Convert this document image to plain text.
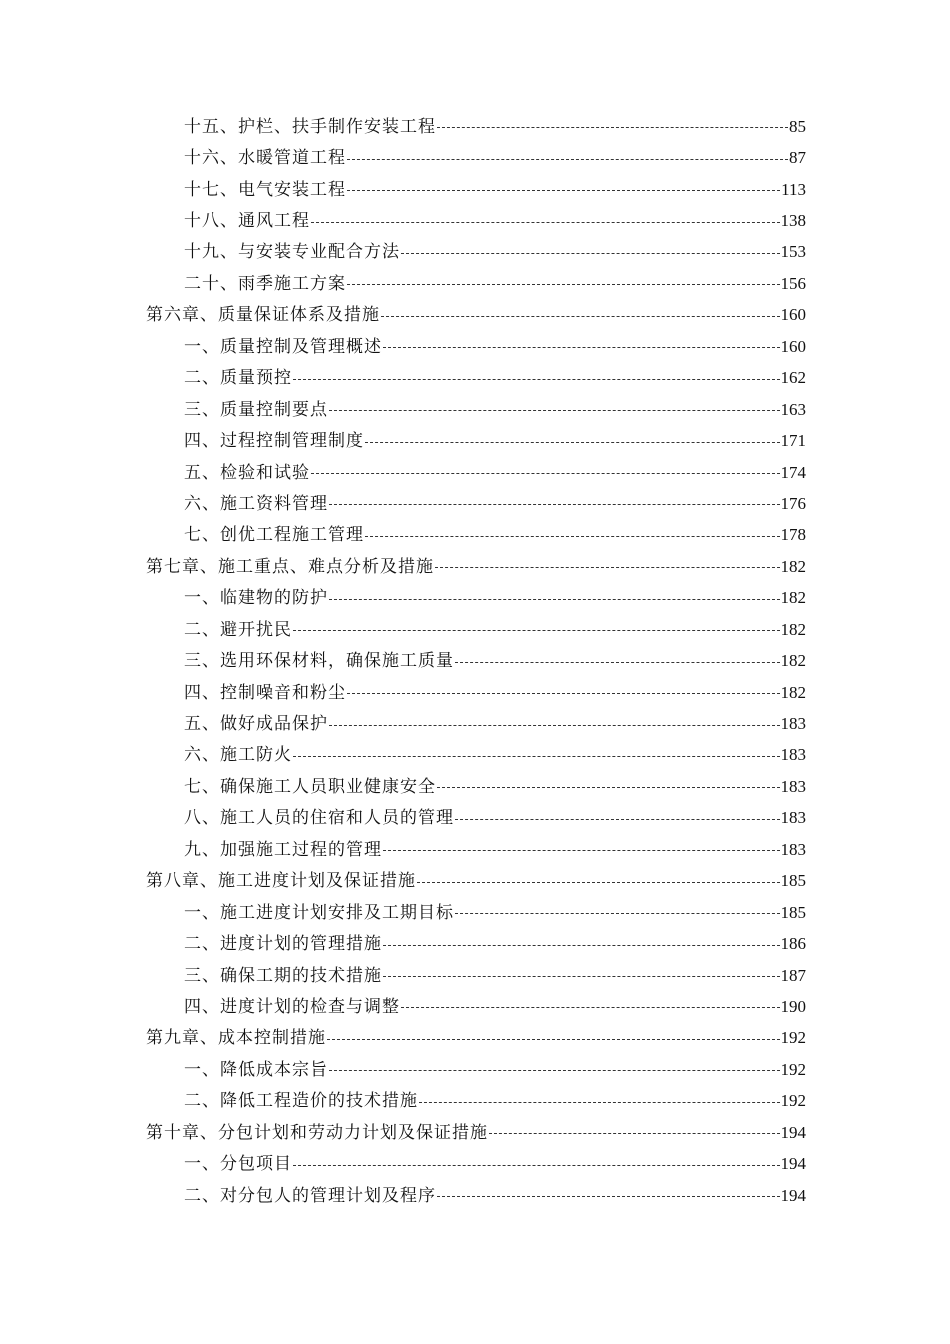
十五、护栏、扶手制作安装工程	85
十六、水暖管道工程	87
十七、电气安装工程	113
十八、通风工程	138
十九、与安装专业配合方法	153
二十、雨季施工方案	156
第六章、质量保证体系及措施	160
一、质量控制及管理概述	160
二、质量预控	162
三、质量控制要点	163
四、过程控制管理制度	171
五、检验和试验	174
六、施工资料管理	176
七、创优工程施工管理	178
第七章、施工重点、难点分析及措施	182
一、临建物的防护	182
二、避开扰民	182
三、选用环保材料，确保施工质量	182
四、控制噪音和粉尘	182
五、做好成品保护	183
六、施工防火	183
七、确保施工人员职业健康安全	183
八、施工人员的住宿和人员的管理	183
九、加强施工过程的管理	183
第八章、施工进度计划及保证措施	185
一、施工进度计划安排及工期目标	185
二、进度计划的管理措施	186
三、确保工期的技术措施	187
四、进度计划的检查与调整	190
第九章、成本控制措施	192
一、降低成本宗旨	192
二、降低工程造价的技术措施	192
第十章、分包计划和劳动力计划及保证措施	194
一、分包项目	194
二、对分包人的管理计划及程序	194
